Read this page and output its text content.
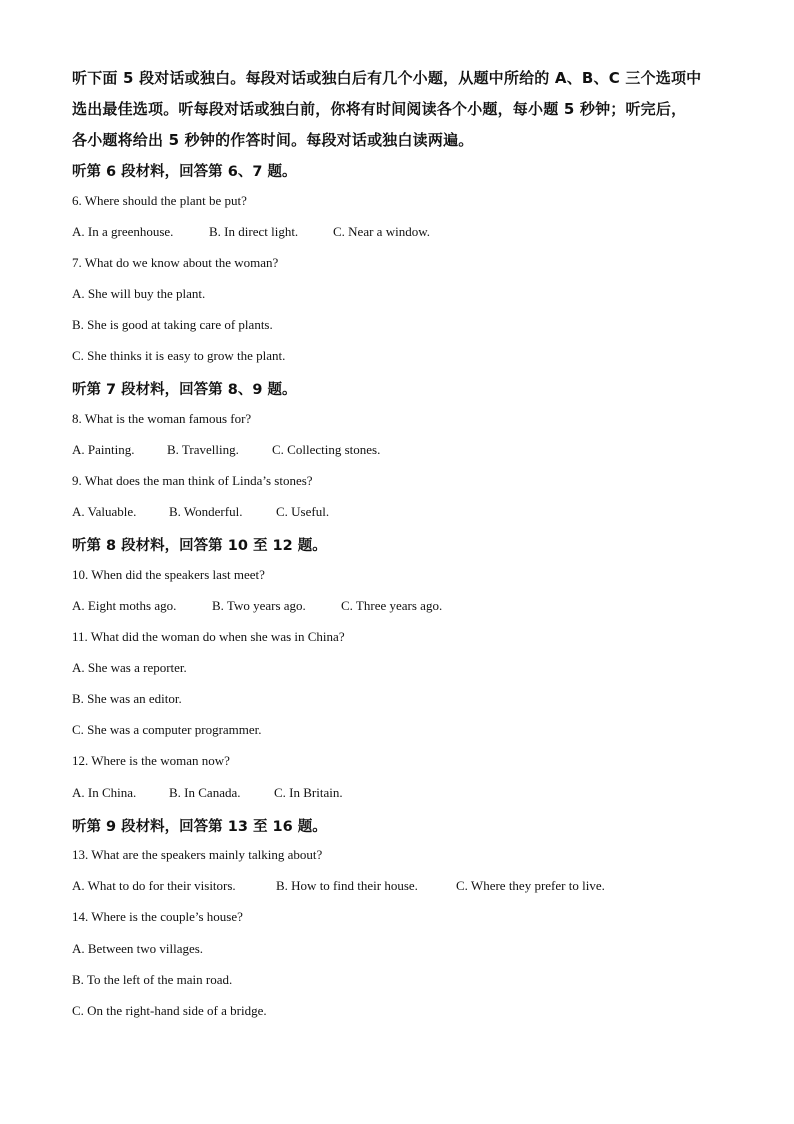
听下面 5 段对话或独白。每段对话或独白后有几个小题，从题中所给的 A、B、C 三个选项中
选出最佳选项。听每段对话或独白前，你将有时间阅读各个小题，每小题 5 秒钟；听完后，
各小题将给出 5 秒钟的作答时间。每段对话或独白读两遍。
听第 6 段材料，回答第 6、7 题。
6. Where should the plant be put?
A. In a greenhouse.	B. In direct light.	C. Near a window.
7. What do we know about the woman?
A. She will buy the plant.
B. She is good at taking care of plants.
C. She thinks it is easy to grow the plant.
听第 7 段材料，回答第 8、9 题。
8. What is the woman famous for?
A. Painting.	B. Travelling.	C. Collecting stones.
9. What does the man think of Linda’s stones?
A. Valuable.	B. Wonderful.	C. Useful.
听第 8 段材料，回答第 10 至 12 题。
10. When did the speakers last meet?
A. Eight moths ago.	B. Two years ago.	C. Three years ago.
11. What did the woman do when she was in China?
A. She was a reporter.
B. She was an editor.
C. She was a computer programmer.
12. Where is the woman now?
A. In China.	B. In Canada.	C. In Britain.
听第 9 段材料，回答第 13 至 16 题。
13. What are the speakers mainly talking about?
A. What to do for their visitors.	B. How to find their house.	C. Where they prefer to live.
14. Where is the couple’s house?
A. Between two villages.
B. To the left of the main road.
C. On the right-hand side of a bridge.
